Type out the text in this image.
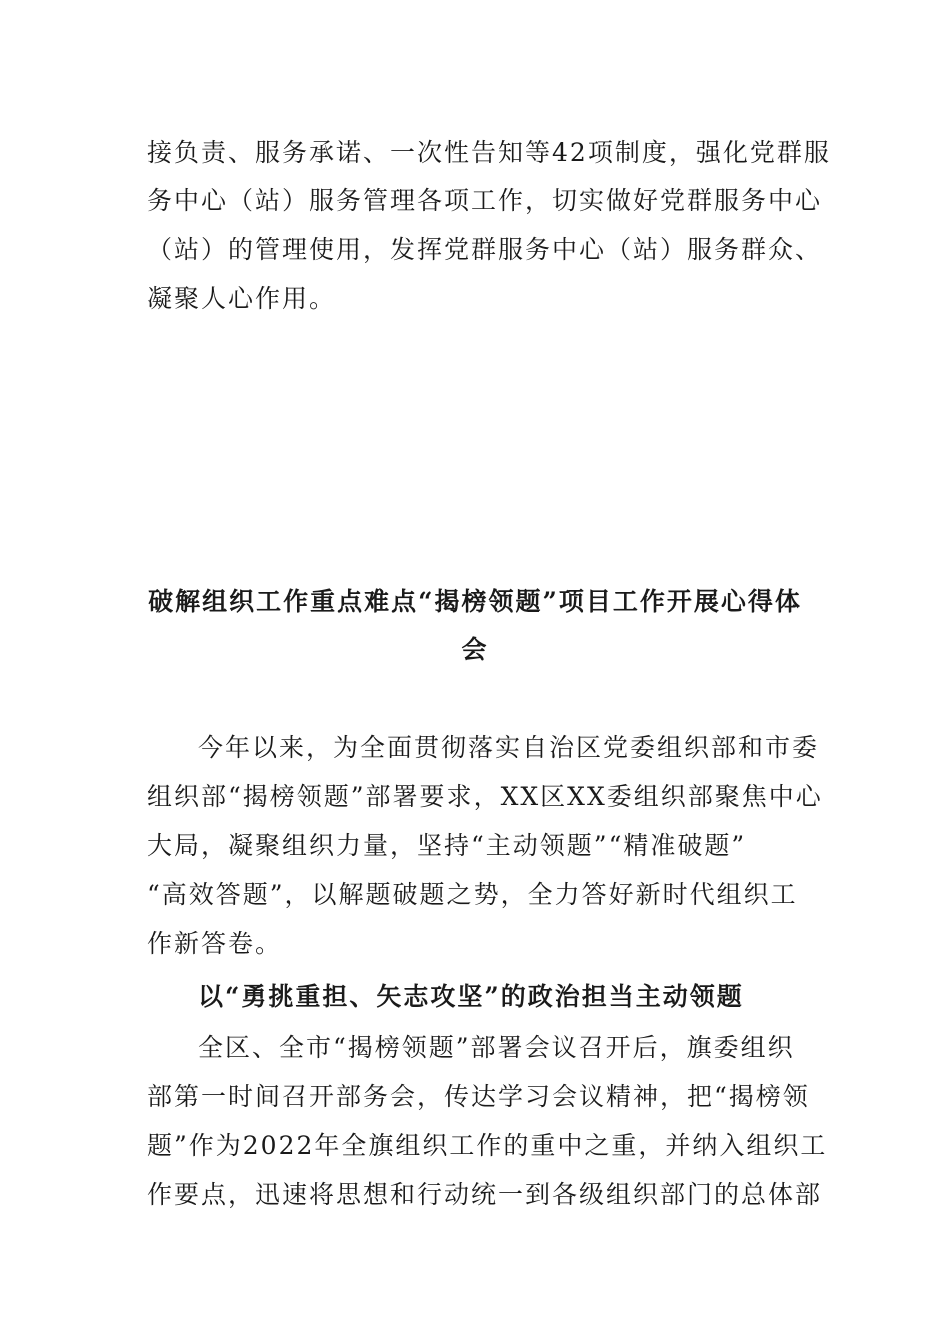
接负责、服务承诺、一次性告知等42项制度，强化党群服
务中心（站）服务管理各项工作，切实做好党群服务中心
（站）的管理使用，发挥党群服务中心（站）服务群众、
凝聚人心作用。
破解组织工作重点难点“揭榜领题”项目工作开展心得体
会
今年以来，为全面贯彻落实自治区党委组织部和市委
组织部“揭榜领题”部署要求，XX区XX委组织部聚焦中心
大局，凝聚组织力量，坚持“主动领题”“精准破题”
“高效答题”，以解题破题之势，全力答好新时代组织工
作新答卷。
以“勇挑重担、矢志攻坚”的政治担当主动领题
全区、全市“揭榜领题”部署会议召开后，旗委组织
部第一时间召开部务会，传达学习会议精神，把“揭榜领
题”作为2022年全旗组织工作的重中之重，并纳入组织工
作要点，迅速将思想和行动统一到各级组织部门的总体部
